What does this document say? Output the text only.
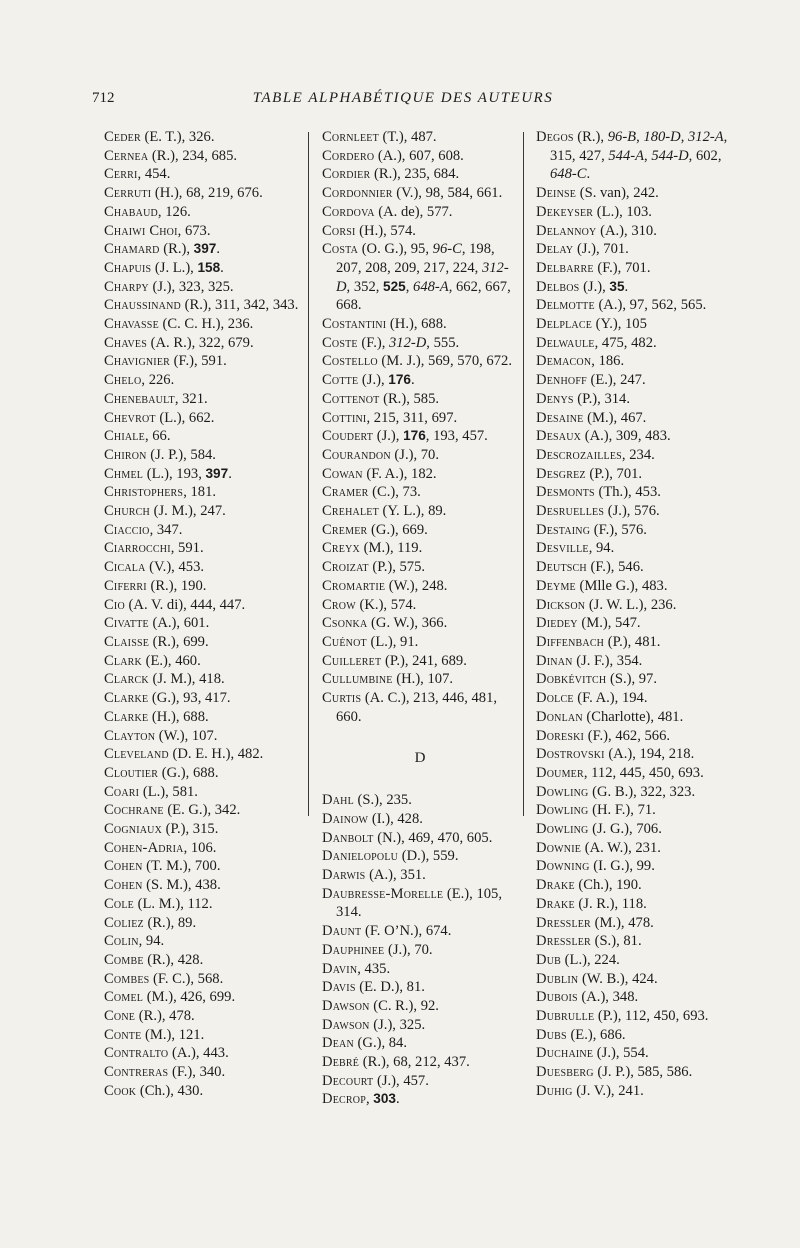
712	TABLE ALPHABÉTIQUE DES AUTEURS

Ceder (E. T.), 326.

Cernea (R.), 234, 685.

Cerri, 454.

Cerruti (H.), 68, 219, 676.

Chabaud, 126.

Chaiwi Choi, 673.

Chamard (R.), 397.

Chapuis (J. L.), 158.

Charpy (J.), 323, 325.

Chaussinand (R.), 311, 342, 343.

Chavasse (C. C. H.), 236.

Chaves (A. R.), 322, 679.

Chavignier (F.), 591.

Chelo, 226.

Chenebault, 321.

Chevrot (L.), 662.

Chiale, 66.

Chiron (J. P.), 584.

Chmel (L.), 193, 397.

Christophers, 181.

Church (J. M.), 247.

Ciaccio, 347.

Ciarrocchi, 591.

Cicala (V.), 453.

Ciferri (R.), 190.

Cio (A. V. di), 444, 447.

Civatte (A.), 601.

Claisse (R.), 699.

Clark (E.), 460.

Clarck (J. M.), 418.

Clarke (G.), 93, 417.

Clarke (H.), 688.

Clayton (W.), 107.

Cleveland (D. E. H.), 482.

Cloutier (G.), 688.

Coari (L.), 581.

Cochrane (E. G.), 342.

Cogniaux (P.), 315.

Cohen-Adria, 106.

Cohen (T. M.), 700.

Cohen (S. M.), 438.

Cole (L. M.), 112.

Coliez (R.), 89.

Colin, 94.

Combe (R.), 428.

Combes (F. C.), 568.

Comel (M.), 426, 699.

Cone (R.), 478.

Conte (M.), 121.

Contralto (A.), 443.

Contreras (F.), 340.

Cook (Ch.), 430.

Cornleet (T.), 487.

Cordero (A.), 607, 608.

Cordier (R.), 235, 684.

Cordonnier (V.), 98, 584, 661.

Cordova (A. de), 577.

Corsi (H.), 574.

Costa (O. G.), 95, 96-C, 198, 207, 208, 209, 217, 224, 312-D, 352, 525, 648-A, 662, 667, 668.

Costantini (H.), 688.

Coste (F.), 312-D, 555.

Costello (M. J.), 569, 570, 672.

Cotte (J.), 176.

Cottenot (R.), 585.

Cottini, 215, 311, 697.

Coudert (J.), 176, 193, 457.

Courandon (J.), 70.

Cowan (F. A.), 182.

Cramer (C.), 73.

Crehalet (Y. L.), 89.

Cremer (G.), 669.

Creyx (M.), 119.

Croizat (P.), 575.

Cromartie (W.), 248.

Crow (K.), 574.

Csonka (G. W.), 366.

Cuénot (L.), 91.

Cuilleret (P.), 241, 689.

Cullumbine (H.), 107.

Curtis (A. C.), 213, 446, 481, 660.

D

Dahl (S.), 235.

Dainow (I.), 428.

Danbolt (N.), 469, 470, 605.

Danielopolu (D.), 559.

Darwis (A.), 351.

Daubresse-Morelle (E.), 105, 314.

Daunt (F. O’N.), 674.

Dauphinee (J.), 70.

Davin, 435.

Davis (E. D.), 81.

Dawson (C. R.), 92.

Dawson (J.), 325.

Dean (G.), 84.

Debré (R.), 68, 212, 437.

Decourt (J.), 457.

Decrop, 303.

Degos (R.), 96-B, 180-D, 312-A, 315, 427, 544-A, 544-D, 602, 648-C.

Deinse (S. van), 242.

Dekeyser (L.), 103.

Delannoy (A.), 310.

Delay (J.), 701.

Delbarre (F.), 701.

Delbos (J.), 35.

Delmotte (A.), 97, 562, 565.

Delplace (Y.), 105

Delwaule, 475, 482.

Demacon, 186.

Denhoff (E.), 247.

Denys (P.), 314.

Desaine (M.), 467.

Desaux (A.), 309, 483.

Descrozailles, 234.

Desgrez (P.), 701.

Desmonts (Th.), 453.

Desruelles (J.), 576.

Destaing (F.), 576.

Desville, 94.

Deutsch (F.), 546.

Deyme (Mlle G.), 483.

Dickson (J. W. L.), 236.

Diedey (M.), 547.

Diffenbach (P.), 481.

Dinan (J. F.), 354.

Dobkévitch (S.), 97.

Dolce (F. A.), 194.

Donlan (Charlotte), 481.

Doreski (F.), 462, 566.

Dostrovski (A.), 194, 218.

Doumer, 112, 445, 450, 693.

Dowling (G. B.), 322, 323.

Dowling (H. F.), 71.

Dowling (J. G.), 706.

Downie (A. W.), 231.

Downing (I. G.), 99.

Drake (Ch.), 190.

Drake (J. R.), 118.

Dressler (M.), 478.

Dressler (S.), 81.

Dub (L.), 224.

Dublin (W. B.), 424.

Dubois (A.), 348.

Dubrulle (P.), 112, 450, 693.

Dubs (E.), 686.

Duchaine (J.), 554.

Duesberg (J. P.), 585, 586.

Duhig (J. V.), 241.
